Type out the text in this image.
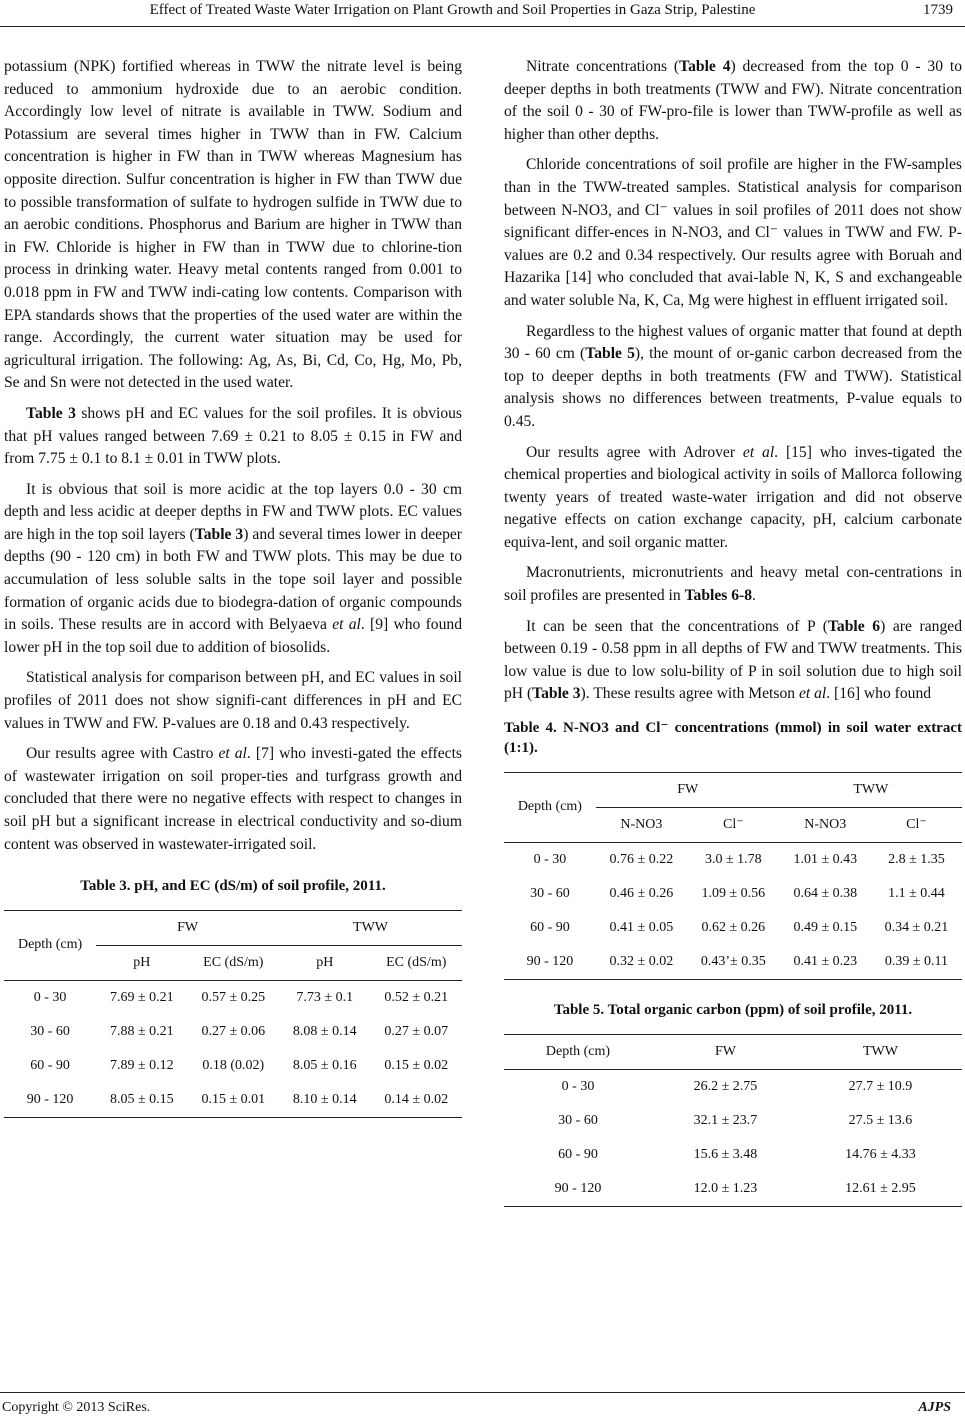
Effect of Treated Waste Water Irrigation on Plant Growth and Soil Properties in Gaza Strip, Palestine	1739

potassium (NPK) fortified whereas in TWW the nitrate level is being reduced to ammonium hydroxide due to an aerobic condition. Accordingly low level of nitrate is available in TWW. Sodium and Potassium are several times higher in TWW than in FW. Calcium concentration is higher in FW than in TWW whereas Magnesium has opposite direction. Sulfur concentration is higher in FW than TWW due to possible transformation of sulfate to hydrogen sulfide in TWW due to an aerobic conditions. Phosphorus and Barium are higher in TWW than in FW. Chloride is higher in FW than in TWW due to chlorine-tion process in drinking water. Heavy metal contents ranged from 0.001 to 0.018 ppm in FW and TWW indi-cating low contents. Comparison with EPA standards shows that the properties of the used water are within the range. Accordingly, the current water situation may be used for agricultural irrigation. The following: Ag, As, Bi, Cd, Co, Hg, Mo, Pb, Se and Sn were not detected in the used water.

Table 3 shows pH and EC values for the soil profiles. It is obvious that pH values ranged between 7.69 ± 0.21 to 8.05 ± 0.15 in FW and from 7.75 ± 0.1 to 8.1 ± 0.01 in TWW plots.

It is obvious that soil is more acidic at the top layers 0.0 - 30 cm depth and less acidic at deeper depths in FW and TWW plots. EC values are high in the top soil layers (Table 3) and several times lower in deeper depths (90 - 120 cm) in both FW and TWW plots. This may be due to accumulation of less soluble salts in the tope soil layer and possible formation of organic acids due to biodegra-dation of organic compounds in soils. These results are in accord with Belyaeva et al. [9] who found lower pH in the top soil due to addition of biosolids.

Statistical analysis for comparison between pH, and EC values in soil profiles of 2011 does not show signifi-cant differences in pH and EC values in TWW and FW. P-values are 0.18 and 0.43 respectively.

Our results agree with Castro et al. [7] who investi-gated the effects of wastewater irrigation on soil proper-ties and turfgrass growth and concluded that there were no negative effects with respect to changes in soil pH but a significant increase in electrical conductivity and so-dium content was observed in wastewater-irrigated soil.

Table 3. pH, and EC (dS/m) of soil profile, 2011.
Depth (cm)	FW		TWW	
	pH	EC (dS/m)	pH	EC (dS/m)
0 - 30	7.69 ± 0.21	0.57 ± 0.25	7.73 ± 0.1	0.52 ± 0.21
30 - 60	7.88 ± 0.21	0.27 ± 0.06	8.08 ± 0.14	0.27 ± 0.07
60 - 90	7.89 ± 0.12	0.18 (0.02)	8.05 ± 0.16	0.15 ± 0.02
90 - 120	8.05 ± 0.15	0.15 ± 0.01	8.10 ± 0.14	0.14 ± 0.02

Nitrate concentrations (Table 4) decreased from the top 0 - 30 to deeper depths in both treatments (TWW and FW). Nitrate concentration of the soil 0 - 30 of FW-pro-file is lower than TWW-profile as well as higher than other depths.

Chloride concentrations of soil profile are higher in the FW-samples than in the TWW-treated samples. Statistical analysis for comparison between N-NO3, and Cl⁻ values in soil profiles of 2011 does not show significant differ-ences in N-NO3, and Cl⁻ values in TWW and FW. P-values are 0.2 and 0.34 respectively. Our results agree with Boruah and Hazarika [14] who concluded that avai-lable N, K, S and exchangeable and water soluble Na, K, Ca, Mg were highest in effluent irrigated soil.

Regardless to the highest values of organic matter that found at depth 30 - 60 cm (Table 5), the mount of or-ganic carbon decreased from the top to deeper depths in both treatments (FW and TWW). Statistical analysis shows no differences between treatments, P-value equals to 0.45.

Our results agree with Adrover et al. [15] who inves-tigated the chemical properties and biological activity in soils of Mallorca following twenty years of treated waste-water irrigation and did not observe negative effects on cation exchange capacity, pH, calcium carbonate equiva-lent, and soil organic matter.

Macronutrients, micronutrients and heavy metal con-centrations in soil profiles are presented in Tables 6-8.

It can be seen that the concentrations of P (Table 6) are ranged between 0.19 - 0.58 ppm in all depths of FW and TWW treatments. This low value is due to low solu-bility of P in soil solution due to high soil pH (Table 3). These results agree with Metson et al. [16] who found

Table 4. N-NO3 and Cl⁻ concentrations (mmol) in soil water extract (1:1).
Depth (cm)	FW		TWW	
	N-NO3	Cl⁻	N-NO3	Cl⁻
0 - 30	0.76 ± 0.22	3.0 ± 1.78	1.01 ± 0.43	2.8 ± 1.35
30 - 60	0.46 ± 0.26	1.09 ± 0.56	0.64 ± 0.38	1.1 ± 0.44
60 - 90	0.41 ± 0.05	0.62 ± 0.26	0.49 ± 0.15	0.34 ± 0.21
90 - 120	0.32 ± 0.02	0.43’± 0.35	0.41 ± 0.23	0.39 ± 0.11
Table 5. Total organic carbon (ppm) of soil profile, 2011.
Depth (cm)	FW	TWW
0 - 30	26.2 ± 2.75	27.7 ± 10.9
30 - 60	32.1 ± 23.7	27.5 ± 13.6
60 - 90	15.6 ± 3.48	14.76 ± 4.33
90 - 120	12.0 ± 1.23	12.61 ± 2.95
Copyright © 2013 SciRes.	AJPS
